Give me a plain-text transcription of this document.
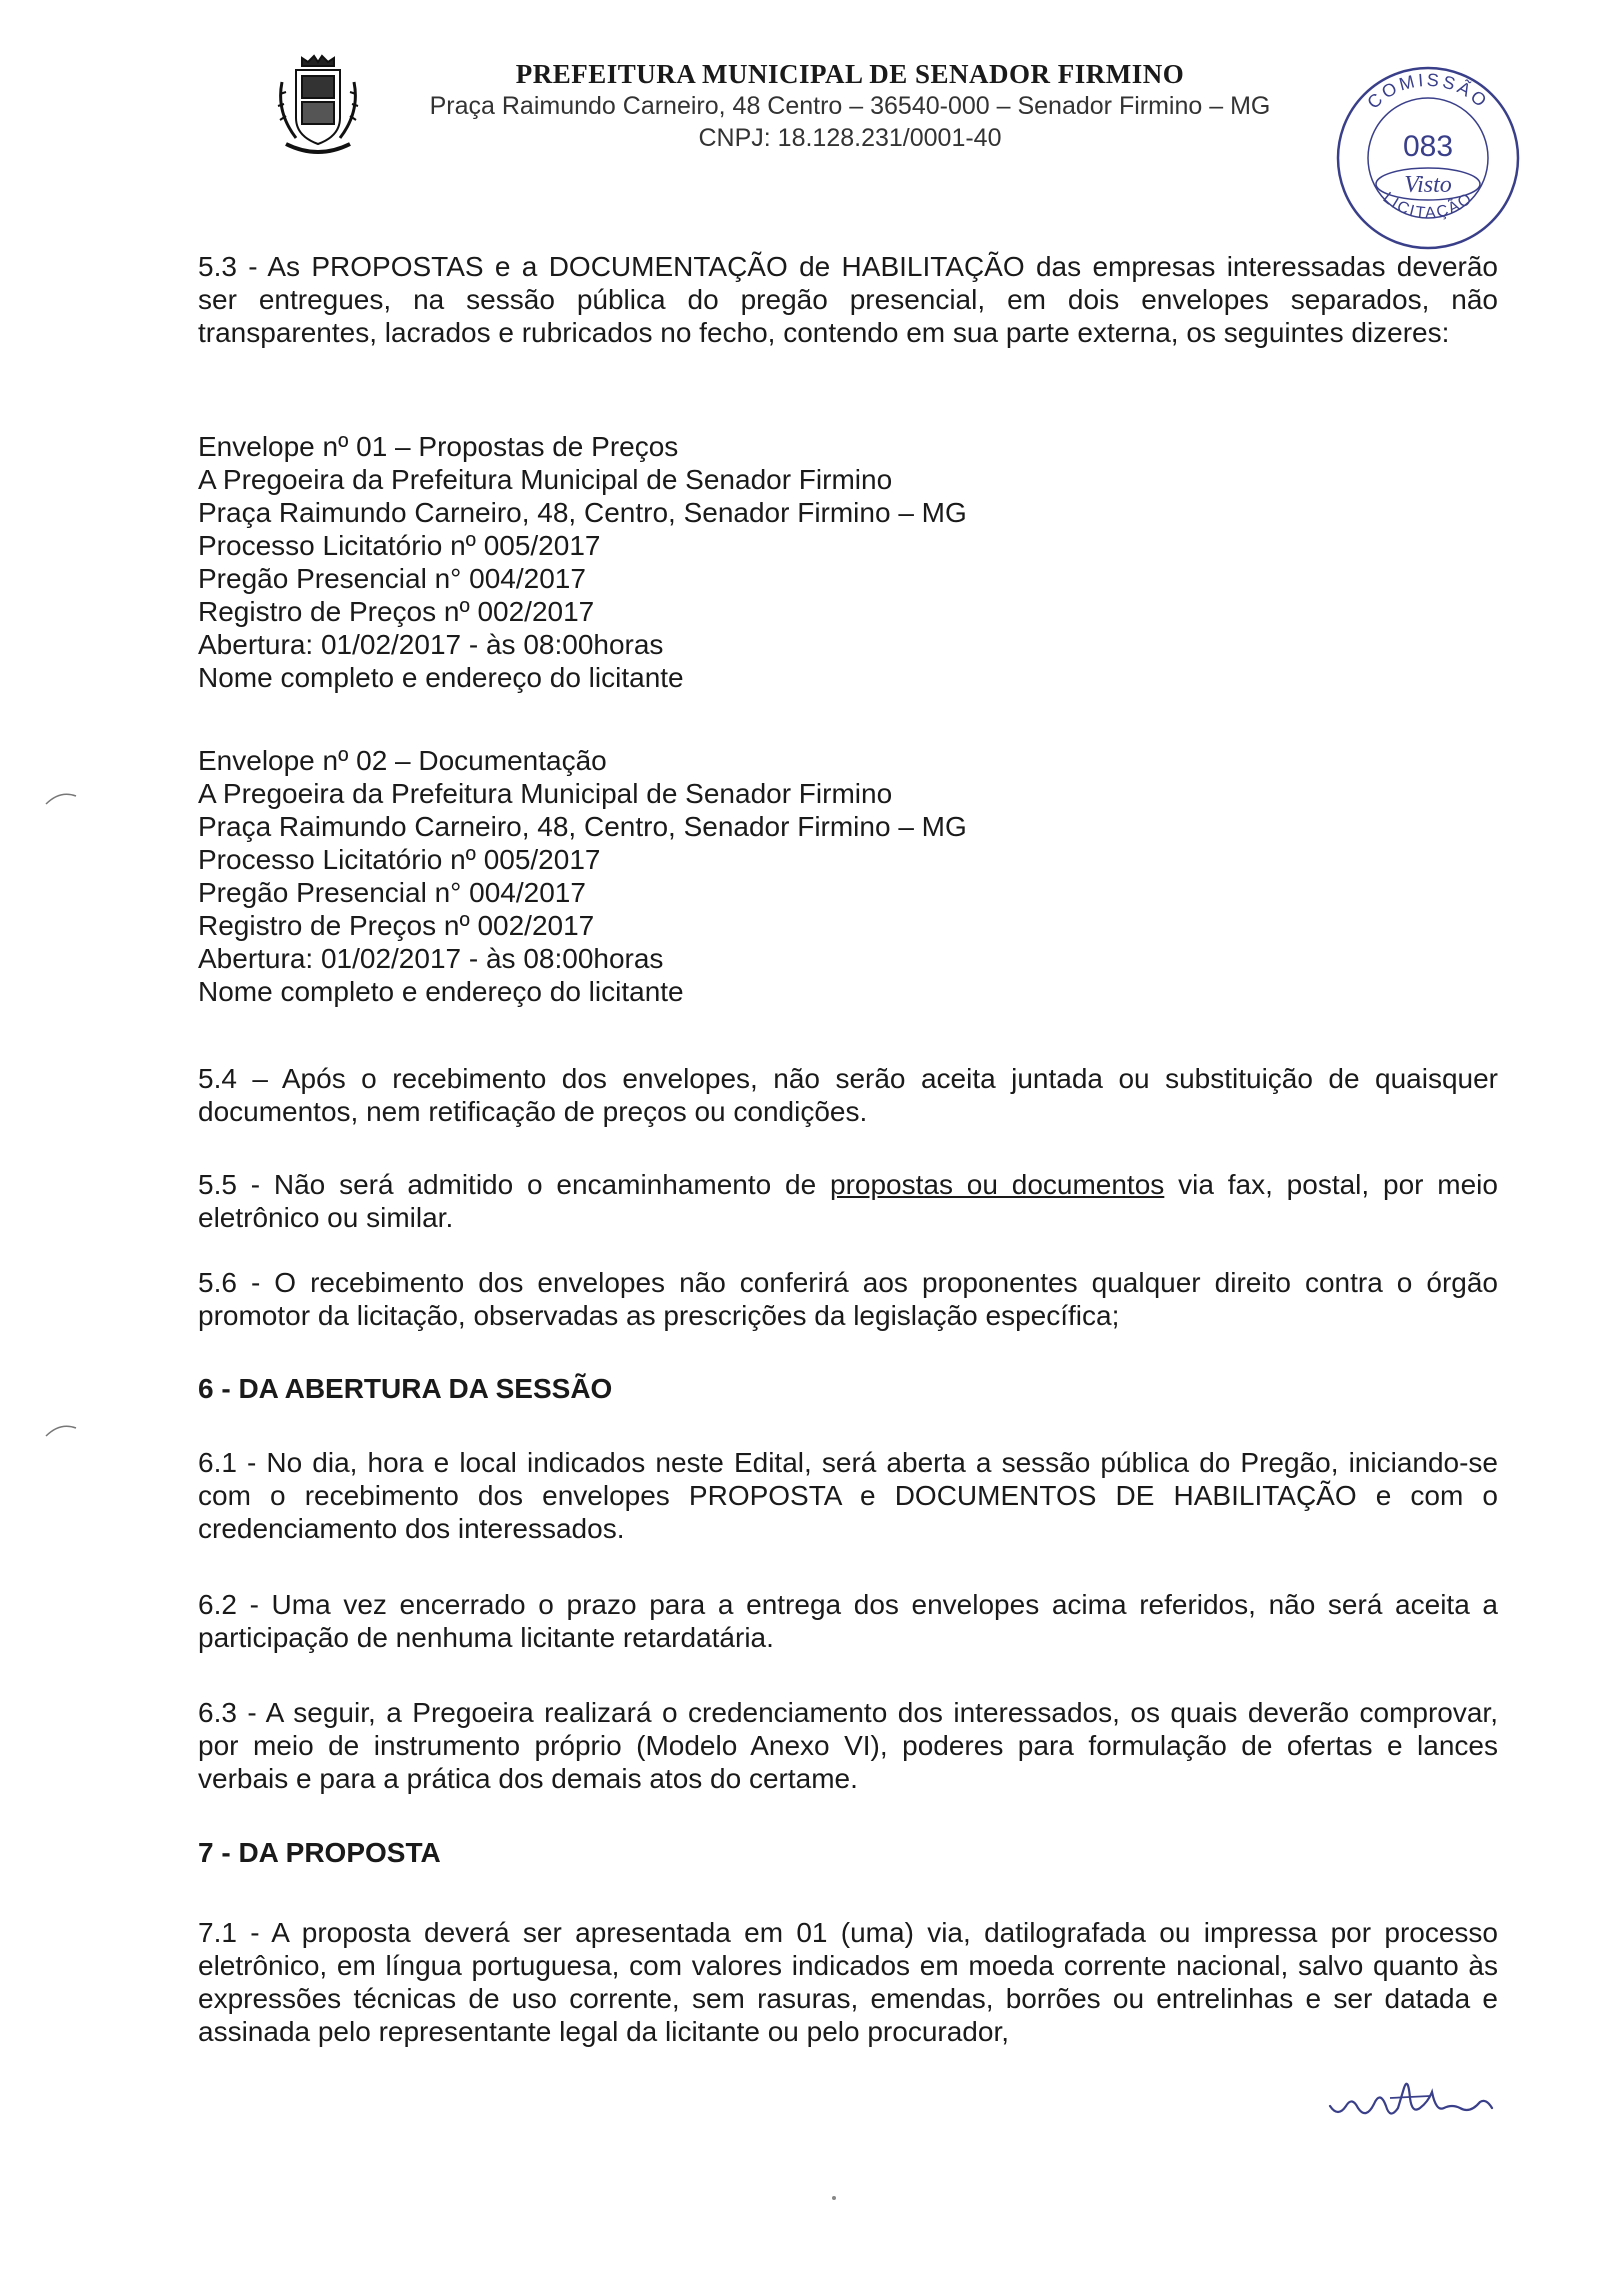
PREFEITURA MUNICIPAL DE SENADOR FIRMINO
Praça Raimundo Carneiro, 48 Centro – 36540-000 – Senador Firmino – MG
CNPJ: 18.128.231/0001-40
COMISSÃO
LICITAÇÃO
083
Visto
5.3 - As PROPOSTAS e a DOCUMENTAÇÃO de HABILITAÇÃO das empresas interessadas deverão ser entregues, na sessão pública do pregão presencial, em dois envelopes separados, não transparentes, lacrados e rubricados no fecho, contendo em sua parte externa, os seguintes dizeres:
Envelope nº 01 – Propostas de Preços
A Pregoeira da Prefeitura Municipal de Senador Firmino
Praça Raimundo Carneiro, 48, Centro, Senador Firmino – MG
Processo Licitatório nº 005/2017
Pregão Presencial n° 004/2017
Registro de Preços nº 002/2017
Abertura: 01/02/2017 - às 08:00horas
Nome completo e endereço do licitante
Envelope nº 02 – Documentação
A Pregoeira da Prefeitura Municipal de Senador Firmino
Praça Raimundo Carneiro, 48, Centro, Senador Firmino – MG
Processo Licitatório nº 005/2017
Pregão Presencial n° 004/2017
Registro de Preços nº 002/2017
Abertura: 01/02/2017 - às 08:00horas
Nome completo e endereço do licitante
5.4 – Após o recebimento dos envelopes, não serão aceita juntada ou substituição de quaisquer documentos, nem retificação de preços ou condições.
5.5 - Não será admitido o encaminhamento de propostas ou documentos via fax, postal, por meio eletrônico ou similar.
5.6 - O recebimento dos envelopes não conferirá aos proponentes qualquer direito contra o órgão promotor da licitação, observadas as prescrições da legislação específica;
6 - DA ABERTURA DA SESSÃO
6.1 - No dia, hora e local indicados neste Edital, será aberta a sessão pública do Pregão, iniciando-se com o recebimento dos envelopes PROPOSTA e DOCUMENTOS DE HABILITAÇÃO e com o credenciamento dos interessados.
6.2 - Uma vez encerrado o prazo para a entrega dos envelopes acima referidos, não será aceita a participação de nenhuma licitante retardatária.
6.3 - A seguir, a Pregoeira realizará o credenciamento dos interessados, os quais deverão comprovar, por meio de instrumento próprio (Modelo Anexo VI), poderes para formulação de ofertas e lances verbais e para a prática dos demais atos do certame.
7 - DA PROPOSTA
7.1 - A proposta deverá ser apresentada em 01 (uma) via, datilografada ou impressa por processo eletrônico, em língua portuguesa, com valores indicados em moeda corrente nacional, salvo quanto às expressões técnicas de uso corrente, sem rasuras, emendas, borrões ou entrelinhas e ser datada e assinada pelo representante legal da licitante ou pelo procurador,
